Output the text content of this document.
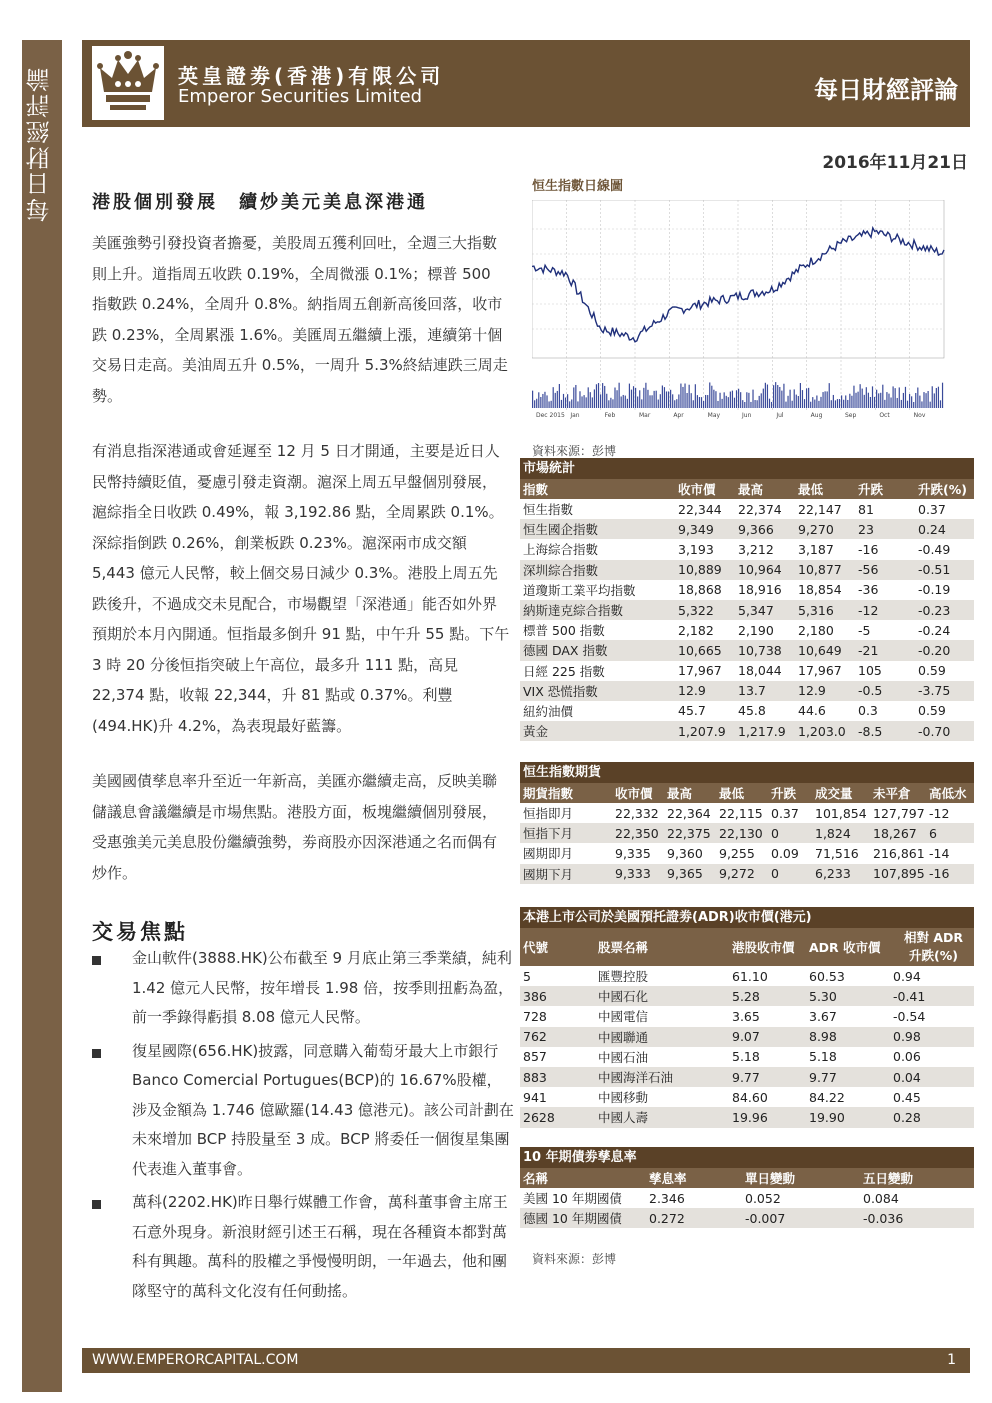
每日財經評論	英皇證劵(香港)有限公司
Emperor Securities Limited	每日財經評論
2016年11月21日
港股個別發展　續炒美元美息深港通
美匯強勢引發投資者擔憂，美股周五獲利回吐，全週三大指數則上升。道指周五收跌 0.19%，全周微漲 0.1%；標普 500 指數跌 0.24%，全周升 0.8%。納指周五創新高後回落，收市跌 0.23%，全周累漲 1.6%。美匯周五繼續上漲，連續第十個交易日走高。美油周五升 0.5%，一周升 5.3%終結連跌三周走勢。
有消息指深港通或會延遲至 12 月 5 日才開通，主要是近日人民幣持續貶值，憂慮引發走資潮。滬深上周五早盤個別發展，滬綜指全日收跌 0.49%，報 3,192.86 點，全周累跌 0.1%。深綜指倒跌 0.26%，創業板跌 0.23%。滬深兩市成交額 5,443 億元人民幣，較上個交易日減少 0.3%。港股上周五先跌後升，不過成交未見配合，市場觀望「深港通」能否如外界預期於本月內開通。恒指最多倒升 91 點，中午升 55 點。下午 3 時 20 分後恒指突破上午高位，最多升 111 點，高見 22,374 點，收報 22,344，升 81 點或 0.37%。利豐(494.HK)升 4.2%，為表現最好藍籌。
美國國債孳息率升至近一年新高，美匯亦繼續走高，反映美聯儲議息會議繼續是市場焦點。港股方面，板塊繼續個別發展，受惠強美元美息股份繼續強勢，劵商股亦因深港通之名而偶有炒作。
交易焦點
金山軟件(3888.HK)公布截至 9 月底止第三季業績，純利 1.42 億元人民幣，按年增長 1.98 倍，按季則扭虧為盈，前一季錄得虧損 8.08 億元人民幣。
復星國際(656.HK)披露，同意購入葡萄牙最大上市銀行 Banco Comercial Portugues(BCP)的 16.67%股權，涉及金額為 1.746 億歐羅(14.43 億港元)。該公司計劃在未來增加 BCP 持股量至 3 成。BCP 將委任一個復星集團代表進入董事會。
萬科(2202.HK)昨日舉行媒體工作會，萬科董事會主席王石意外現身。新浪財經引述王石稱，現在各種資本都對萬科有興趣。萬科的股權之爭慢慢明朗，一年過去，他和團隊堅守的萬科文化沒有任何動搖。
恒生指數日線圖
Dec 2015 Jan	Feb	Mar	Apr	May	Jun	Jul	Aug	Sep	Oct	Nov
資料來源：彭博
市場統計
指數	收市價	最高	最低	升跌	升跌(%)
恒生指數	22,344	22,374	22,147	81	0.37
恒生國企指數	9,349	9,366	9,270	23	0.24
上海綜合指數	3,193	3,212	3,187	-16	-0.49
深圳綜合指數	10,889	10,964	10,877	-56	-0.51
道瓊斯工業平均指數	18,868	18,916	18,854	-36	-0.19
納斯達克綜合指數	5,322	5,347	5,316	-12	-0.23
標普 500 指數	2,182	2,190	2,180	-5	-0.24
德國 DAX 指數	10,665	10,738	10,649	-21	-0.20
日經 225 指數	17,967	18,044	17,967	105	0.59
VIX 恐慌指數	12.9	13.7	12.9	-0.5	-3.75
紐約油價	45.7	45.8	44.6	0.3	0.59
黃金	1,207.9 1,217.9 1,203.0 -8.5	-0.70
恒生指數期貨
期貨指數	收市價	最高	最低	升跌	成交量	未平倉	高低水
恒指即月	22,332 22,364 22,115 0.37	101,854 127,797 -12
恒指下月	22,350 22,375 22,130 0	1,824	18,267 6
國期即月	9,335	9,360	9,255	0.09	71,516	216,861 -14
國期下月	9,333	9,365	9,272	0	6,233	107,895 -16
本港上市公司於美國預托證劵(ADR)收市價(港元)
代號	股票名稱	港股收市價	ADR 收市價
相對 ADR
升跌(%)
5	匯豐控股	61.10	60.53	0.94
386	中國石化	5.28	5.30	-0.41
728	中國電信	3.65	3.67	-0.54
762	中國聯通	9.07	8.98	0.98
857	中國石油	5.18	5.18	0.06
883	中國海洋石油	9.77	9.77	0.04
941	中國移動	84.60	84.22	0.45
2628	中國人壽	19.96	19.90	0.28
10 年期債劵孳息率
名稱	孳息率	單日變動	五日變動
美國 10 年期國債	2.346	0.052	0.084
德國 10 年期國債	0.272	-0.007	-0.036
資料來源：彭博
WWW.EMPERORCAPITAL.COM	1
